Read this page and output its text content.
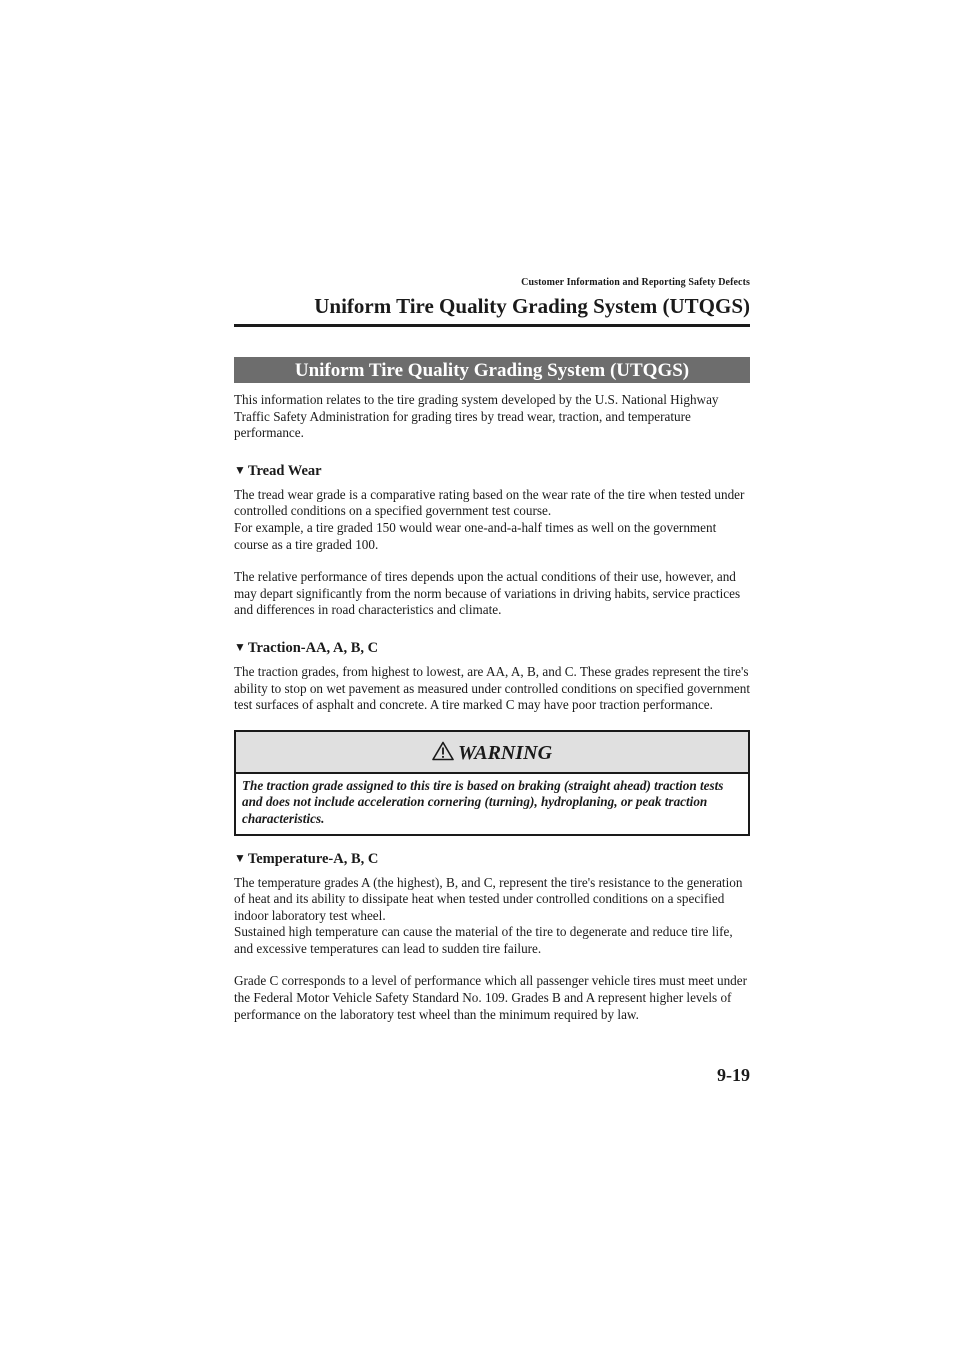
Customer Information and Reporting Safety Defects
Uniform Tire Quality Grading System (UTQGS)
Uniform Tire Quality Grading System (UTQGS)

This information relates to the tire grading system developed by the U.S. National Highway Traffic Safety Administration for grading tires by tread wear, traction, and temperature performance.

▼ Tread Wear

The tread wear grade is a comparative rating based on the wear rate of the tire when tested under controlled conditions on a specified government test course.

For example, a tire graded 150 would wear one-and-a-half times as well on the government course as a tire graded 100.

The relative performance of tires depends upon the actual conditions of their use, however, and may depart significantly from the norm because of variations in driving habits, service practices and differences in road characteristics and climate.

▼ Traction-AA, A, B, C

The traction grades, from highest to lowest, are AA, A, B, and C. These grades represent the tire's ability to stop on wet pavement as measured under controlled conditions on specified government test surfaces of asphalt and concrete. A tire marked C may have poor traction performance.

WARNING
The traction grade assigned to this tire is based on braking (straight ahead) traction tests and does not include acceleration cornering (turning), hydroplaning, or peak traction characteristics.
▼ Temperature-A, B, C

The temperature grades A (the highest), B, and C, represent the tire's resistance to the generation of heat and its ability to dissipate heat when tested under controlled conditions on a specified indoor laboratory test wheel.

Sustained high temperature can cause the material of the tire to degenerate and reduce tire life, and excessive temperatures can lead to sudden tire failure.

Grade C corresponds to a level of performance which all passenger vehicle tires must meet under the Federal Motor Vehicle Safety Standard No. 109. Grades B and A represent higher levels of performance on the laboratory test wheel than the minimum required by law.

9-19
